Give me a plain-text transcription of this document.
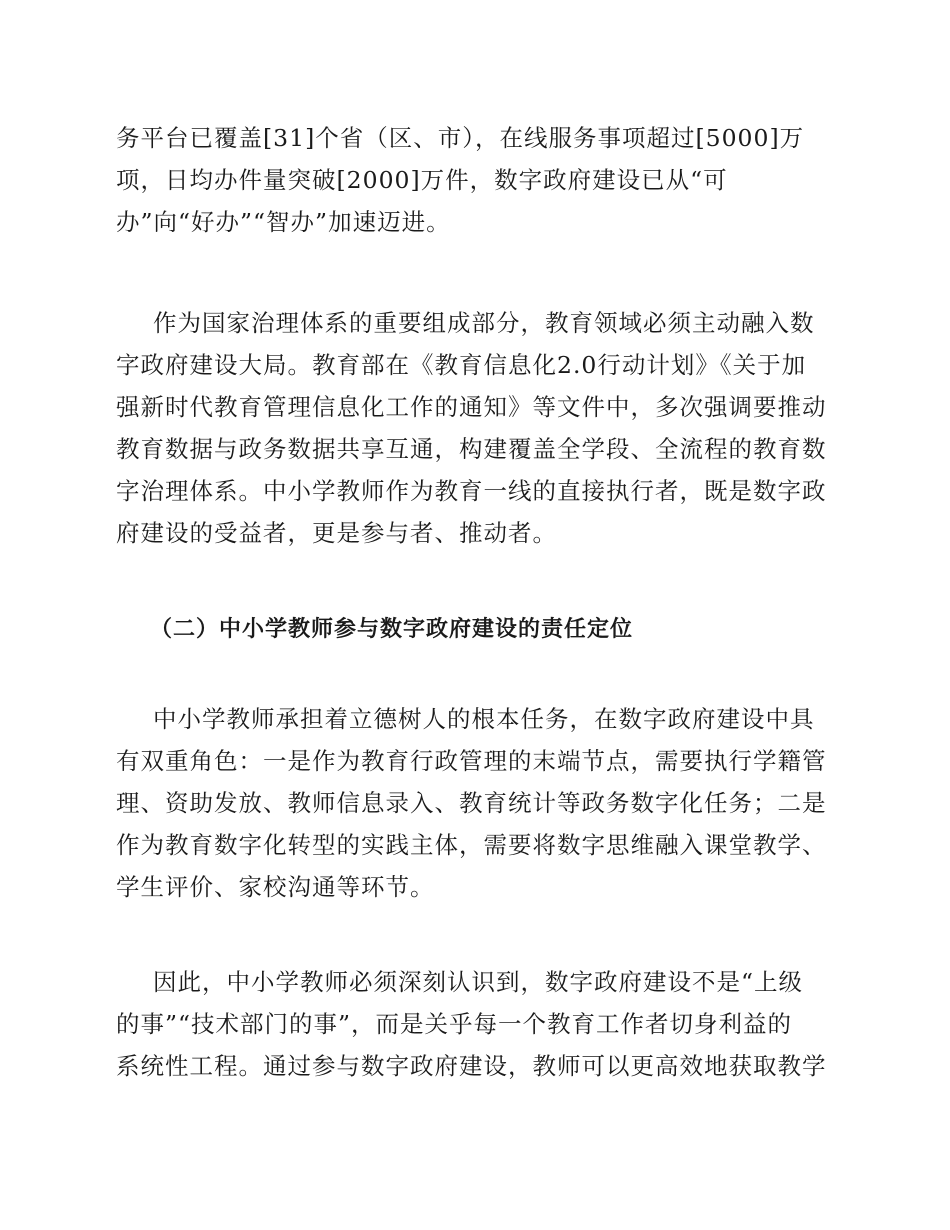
务平台已覆盖[31]个省（区、市），在线服务事项超过[5000]万
项，日均办件量突破[2000]万件，数字政府建设已从“可
办”向“好办”“智办”加速迈进。

作为国家治理体系的重要组成部分，教育领域必须主动融入数
字政府建设大局。教育部在《教育信息化2.0行动计划》《关于加
强新时代教育管理信息化工作的通知》等文件中，多次强调要推动
教育数据与政务数据共享互通，构建覆盖全学段、全流程的教育数
字治理体系。中小学教师作为教育一线的直接执行者，既是数字政
府建设的受益者，更是参与者、推动者。

（二）中小学教师参与数字政府建设的责任定位

中小学教师承担着立德树人的根本任务，在数字政府建设中具
有双重角色：一是作为教育行政管理的末端节点，需要执行学籍管
理、资助发放、教师信息录入、教育统计等政务数字化任务；二是
作为教育数字化转型的实践主体，需要将数字思维融入课堂教学、
学生评价、家校沟通等环节。

因此，中小学教师必须深刻认识到，数字政府建设不是“上级
的事”“技术部门的事”，而是关乎每一个教育工作者切身利益的
系统性工程。通过参与数字政府建设，教师可以更高效地获取教学
